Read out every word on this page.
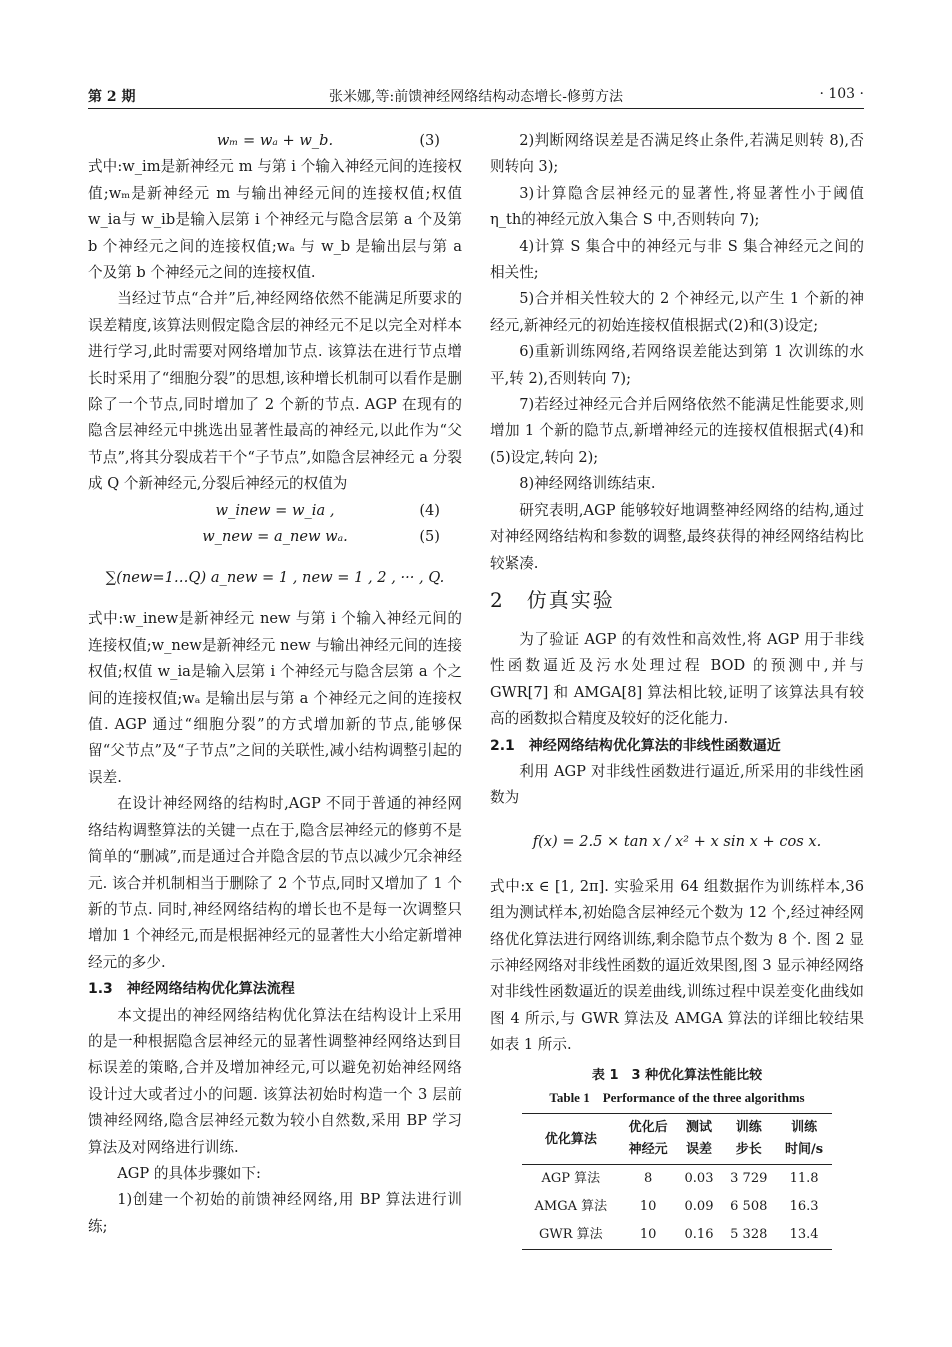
第 2 期	张米娜,等:前馈神经网络结构动态增长-修剪方法	· 103 ·
wₘ = wₐ + w_b.	(3)

式中:w_im是新神经元 m 与第 i 个输入神经元间的连接权值;wₘ是新神经元 m 与输出神经元间的连接权值;权值 w_ia与 w_ib是输入层第 i 个神经元与隐含层第 a 个及第 b 个神经元之间的连接权值;wₐ 与 w_b 是输出层与第 a 个及第 b 个神经元之间的连接权值.

当经过节点“合并”后,神经网络依然不能满足所要求的误差精度,该算法则假定隐含层的神经元不足以完全对样本进行学习,此时需要对网络增加节点. 该算法在进行节点增长时采用了“细胞分裂”的思想,该种增长机制可以看作是删除了一个节点,同时增加了 2 个新的节点. AGP 在现有的隐含层神经元中挑选出显著性最高的神经元,以此作为“父节点”,将其分裂成若干个“子节点”,如隐含层神经元 a 分裂成 Q 个新神经元,分裂后神经元的权值为

w_inew = w_ia ,	(4)
w_new = a_new wₐ.	(5)
∑(new=1…Q) a_new = 1 , new = 1 , 2 , ··· , Q.

式中:w_inew是新神经元 new 与第 i 个输入神经元间的连接权值;w_new是新神经元 new 与输出神经元间的连接权值;权值 w_ia是输入层第 i 个神经元与隐含层第 a 个之间的连接权值;wₐ 是输出层与第 a 个神经元之间的连接权值. AGP 通过“细胞分裂”的方式增加新的节点,能够保留“父节点”及“子节点”之间的关联性,减小结构调整引起的误差.

在设计神经网络的结构时,AGP 不同于普通的神经网络结构调整算法的关键一点在于,隐含层神经元的修剪不是简单的“删减”,而是通过合并隐含层的节点以减少冗余神经元. 该合并机制相当于删除了 2 个节点,同时又增加了 1 个新的节点. 同时,神经网络结构的增长也不是每一次调整只增加 1 个神经元,而是根据神经元的显著性大小给定新增神经元的多少.

1.3　神经网络结构优化算法流程

本文提出的神经网络结构优化算法在结构设计上采用的是一种根据隐含层神经元的显著性调整神经网络达到目标误差的策略,合并及增加神经元,可以避免初始神经网络设计过大或者过小的问题. 该算法初始时构造一个 3 层前馈神经网络,隐含层神经元数为较小自然数,采用 BP 学习算法及对网络进行训练.

AGP 的具体步骤如下:

1)创建一个初始的前馈神经网络,用 BP 算法进行训练;

2)判断网络误差是否满足终止条件,若满足则转 8),否则转向 3);

3)计算隐含层神经元的显著性,将显著性小于阈值 η_th的神经元放入集合 S 中,否则转向 7);

4)计算 S 集合中的神经元与非 S 集合神经元之间的相关性;

5)合并相关性较大的 2 个神经元,以产生 1 个新的神经元,新神经元的初始连接权值根据式(2)和(3)设定;

6)重新训练网络,若网络误差能达到第 1 次训练的水平,转 2),否则转向 7);

7)若经过神经元合并后网络依然不能满足性能要求,则增加 1 个新的隐节点,新增神经元的连接权值根据式(4)和(5)设定,转向 2);

8)神经网络训练结束.

研究表明,AGP 能够较好地调整神经网络的结构,通过对神经网络结构和参数的调整,最终获得的神经网络结构比较紧凑.

2　仿真实验

为了验证 AGP 的有效性和高效性,将 AGP 用于非线性函数逼近及污水处理过程 BOD 的预测中,并与 GWR[7] 和 AMGA[8] 算法相比较,证明了该算法具有较高的函数拟合精度及较好的泛化能力.

2.1　神经网络结构优化算法的非线性函数逼近

利用 AGP 对非线性函数进行逼近,所采用的非线性函数为

f(x) = 2.5 × tan x / x² + x sin x + cos x.

式中:x ∈ [1, 2π]. 实验采用 64 组数据作为训练样本,36 组为测试样本,初始隐含层神经元个数为 12 个,经过神经网络优化算法进行网络训练,剩余隐节点个数为 8 个. 图 2 显示神经网络对非线性函数的逼近效果图,图 3 显示神经网络对非线性函数逼近的误差曲线,训练过程中误差变化曲线如图 4 所示,与 GWR 算法及 AMGA 算法的详细比较结果如表 1 所示.

表 1　3 种优化算法性能比较
Table 1　Performance of the three algorithms
优化算法	优化后	测试	训练	训练
	神经元	误差	步长	时间/s
AGP 算法	8	0.03	3 729	11.8
AMGA 算法	10	0.09	6 508	16.3
GWR 算法	10	0.16	5 328	13.4
